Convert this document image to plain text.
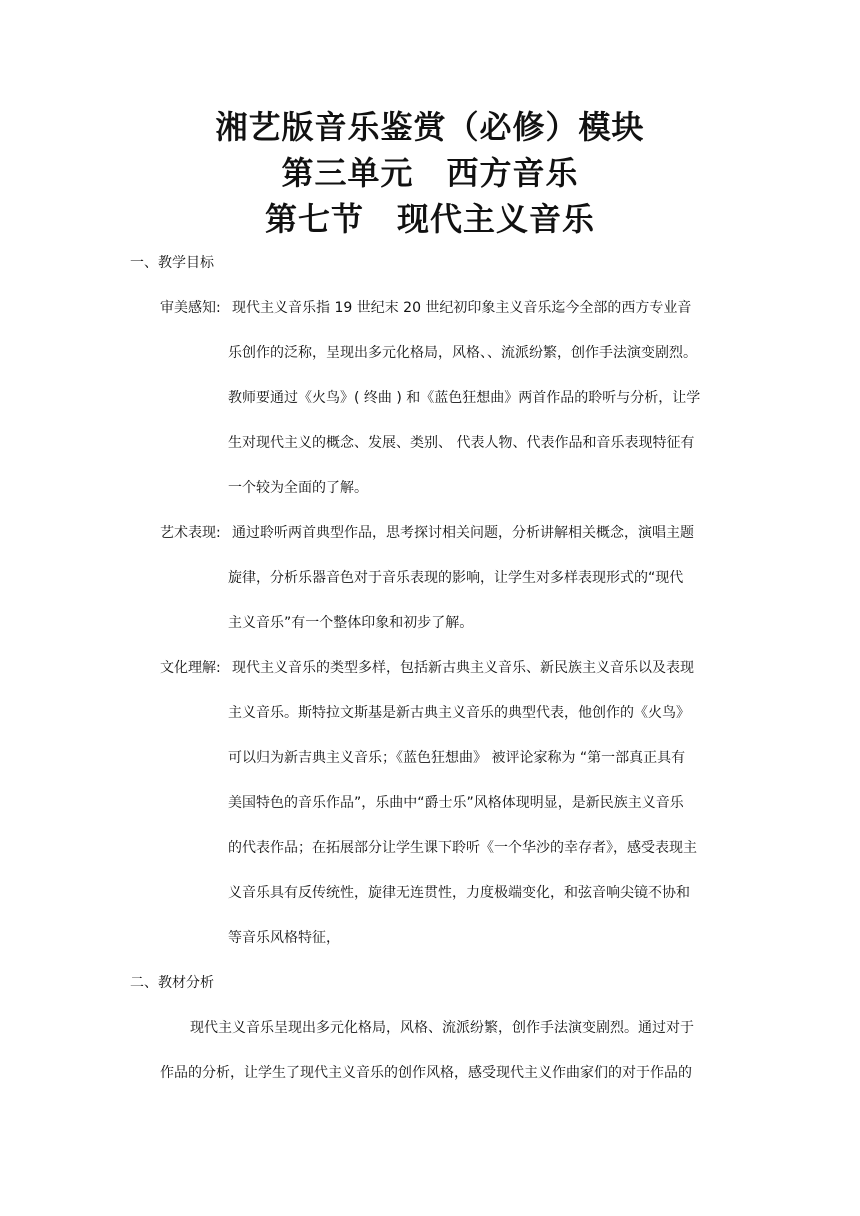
湘艺版音乐鉴赏（必修）模块
第三单元　西方音乐
第七节　现代主义音乐
一、教学目标
审美感知: 现代主义音乐指 19 世纪末 20 世纪初印象主义音乐迄今全部的西方专业音
乐创作的泛称，呈现出多元化格局，风格、、流派纷繁，创作手法演变剧烈。
教师要通过《火鸟》( 终曲 ) 和《蓝色狂想曲》两首作品的聆听与分析，让学
生对现代主义的概念、发展、类别、 代表人物、代表作品和音乐表现特征有
一个较为全面的了解。
艺术表现: 通过聆听两首典型作品，思考探讨相关问题，分析讲解相关概念，演唱主题
旋律，分析乐器音色对于音乐表现的影响，让学生对多样表现形式的“现代
主义音乐”有一个整体印象和初步了解。
文化理解: 现代主义音乐的类型多样，包括新古典主义音乐、新民族主义音乐以及表现
主义音乐。斯特拉文斯基是新古典主义音乐的典型代表，他创作的《火鸟》
可以归为新吉典主义音乐；《蓝色狂想曲》 被评论家称为 “第一部真正具有
美国特色的音乐作品”，乐曲中“爵士乐”风格体现明显，是新民族主义音乐
的代表作品；在拓展部分让学生课下聆听《一个华沙的幸存者》，感受表现主
义音乐具有反传统性，旋律无连贯性，力度极端变化，和弦音响尖镜不协和
等音乐风格特征，
二、教材分析
现代主义音乐呈现出多元化格局，风格、流派纷繁，创作手法演变剧烈。通过对于
作品的分析，让学生了现代主义音乐的创作风格，感受现代主义作曲家们的对于作品的
